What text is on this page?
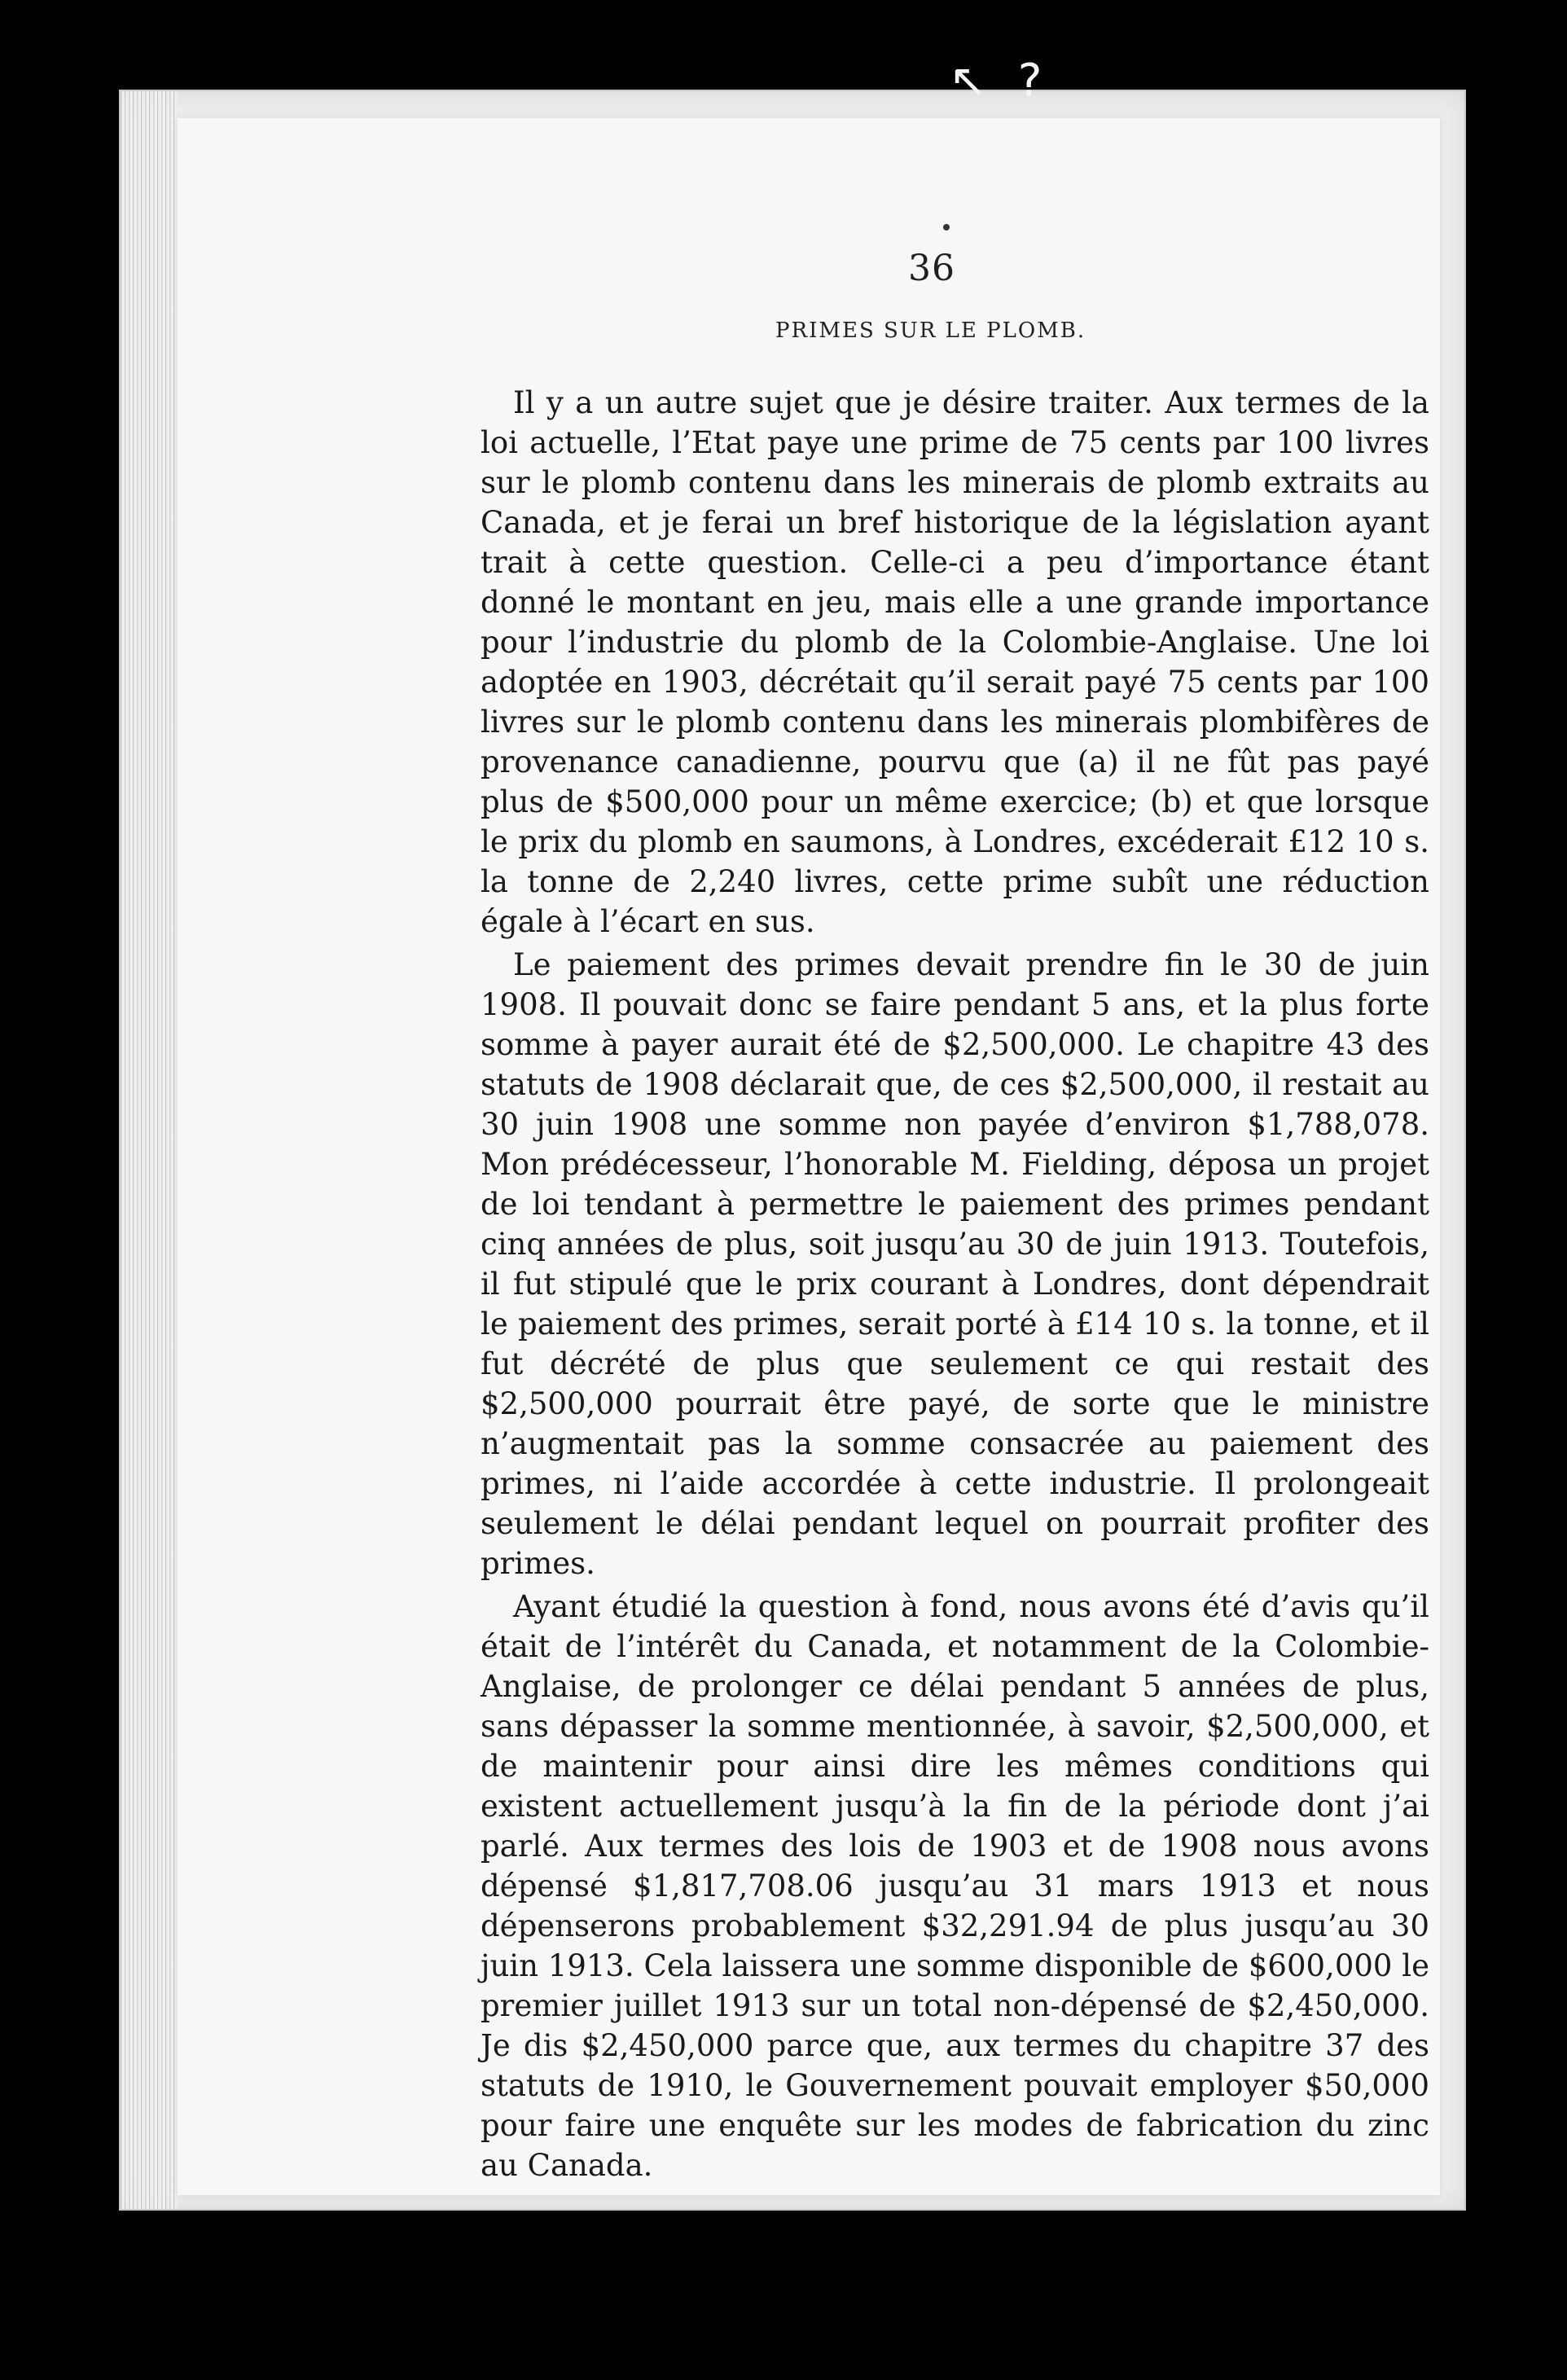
↖ ?
36
PRIMES SUR LE PLOMB.

Il y a un autre sujet que je désire traiter. Aux termes de la loi actuelle, l’Etat paye une prime de 75 cents par 100 livres sur le plomb contenu dans les minerais de plomb extraits au Canada, et je ferai un bref historique de la législation ayant trait à cette question. Celle-ci a peu d’importance étant donné le montant en jeu, mais elle a une grande importance pour l’industrie du plomb de la Colombie-Anglaise. Une loi adoptée en 1903, décrétait qu’il serait payé 75 cents par 100 livres sur le plomb contenu dans les minerais plombifères de provenance canadienne, pourvu que (a) il ne fût pas payé plus de $500,000 pour un même exercice; (b) et que lorsque le prix du plomb en saumons, à Londres, excéderait £12 10 s. la tonne de 2,240 livres, cette prime subît une réduction égale à l’écart en sus.

Le paiement des primes devait prendre fin le 30 de juin 1908. Il pouvait donc se faire pendant 5 ans, et la plus forte somme à payer aurait été de $2,500,000. Le chapitre 43 des statuts de 1908 déclarait que, de ces $2,500,000, il restait au 30 juin 1908 une somme non payée d’environ $1,788,078. Mon prédécesseur, l’honorable M. Fielding, déposa un projet de loi tendant à permettre le paiement des primes pendant cinq années de plus, soit jusqu’au 30 de juin 1913. Toutefois, il fut stipulé que le prix courant à Londres, dont dépendrait le paiement des primes, serait porté à £14 10 s. la tonne, et il fut décrété de plus que seulement ce qui restait des $2,500,000 pourrait être payé, de sorte que le ministre n’augmentait pas la somme consacrée au paiement des primes, ni l’aide accordée à cette industrie. Il prolongeait seulement le délai pendant lequel on pourrait profiter des primes.

Ayant étudié la question à fond, nous avons été d’avis qu’il était de l’intérêt du Canada, et notamment de la Colombie-Anglaise, de prolonger ce délai pendant 5 années de plus, sans dépasser la somme mentionnée, à savoir, $2,500,000, et de maintenir pour ainsi dire les mêmes conditions qui existent actuellement jusqu’à la fin de la période dont j’ai parlé. Aux termes des lois de 1903 et de 1908 nous avons dépensé $1,817,708.06 jusqu’au 31 mars 1913 et nous dépenserons probablement $32,291.94 de plus jusqu’au 30 juin 1913. Cela laissera une somme disponible de $600,000 le premier juillet 1913 sur un total non-dépensé de $2,450,000. Je dis $2,450,000 parce que, aux termes du chapitre 37 des statuts de 1910, le Gouvernement pouvait employer $50,000 pour faire une enquête sur les modes de fabrication du zinc au Canada.
